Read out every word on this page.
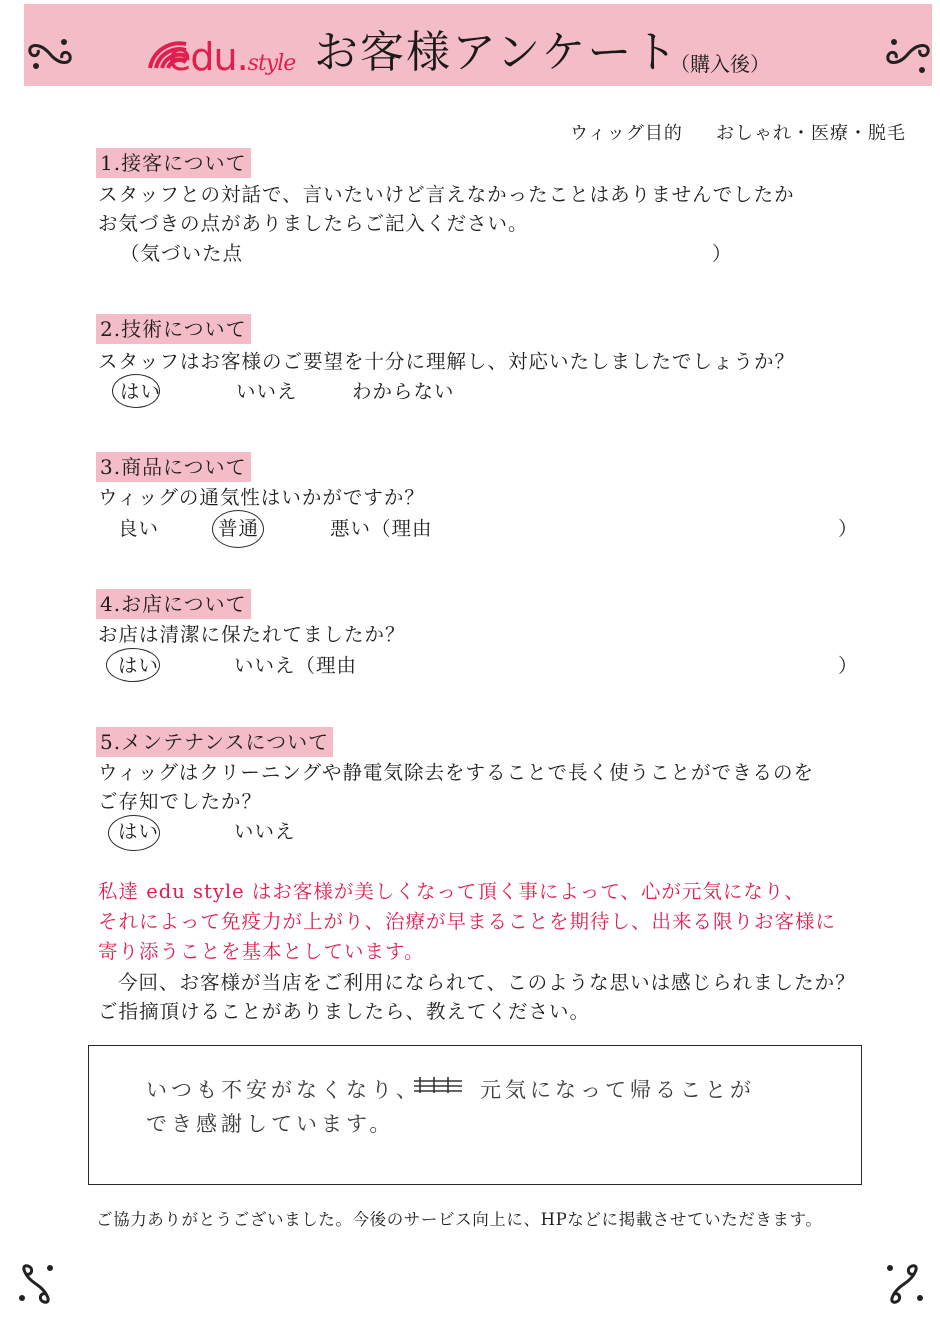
edu.style お客様アンケート
（購入後）
ウィッグ目的 おしゃれ・医療・脱毛
1.接客について
スタッフとの対話で、言いたいけど言えなかったことはありませんでしたか
お気づきの点がありましたらご記入ください。
（気づいた点	）
2.技術について
スタッフはお客様のご要望を十分に理解し、対応いたしましたでしょうか？
はい	いいえ	わからない
3.商品について
ウィッグの通気性はいかがですか？
良い	普通	悪い（理由	）
4.お店について
お店は清潔に保たれてましたか？
はい	いいえ（理由	）
5.メンテナンスについて
ウィッグはクリーニングや静電気除去をすることで長く使うことができるのを
ご存知でしたか？
はい	いいえ
私達 edu style はお客様が美しくなって頂く事によって、心が元気になり、
それによって免疫力が上がり、治療が早まることを期待し、出来る限りお客様に
寄り添うことを基本としています。
今回、お客様が当店をご利用になられて、このような思いは感じられましたか？
ご指摘頂けることがありましたら、教えてください。
いつも不安がなくなり、	元気になって帰ることが
でき感謝しています。
ご協力ありがとうございました。今後のサービス向上に、HPなどに掲載させていただきます。
